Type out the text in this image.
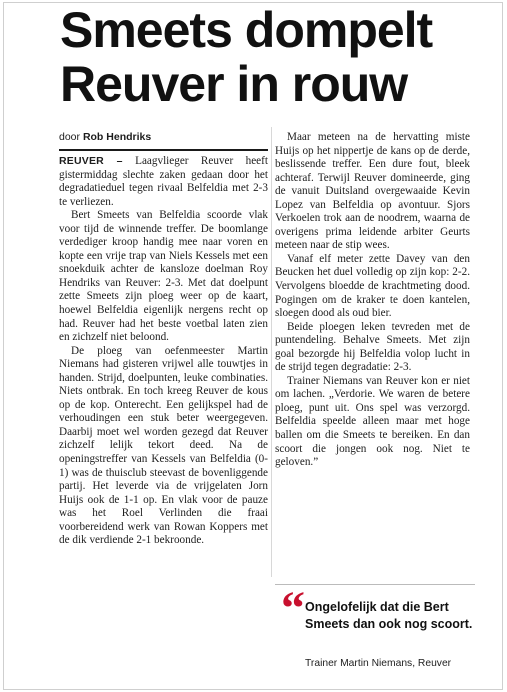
Smeets dompelt
Reuver in rouw
door Rob Hendriks

REUVER – Laagvlieger Reuver heeft gistermiddag slechte zaken gedaan door het degradatieduel tegen rivaal Belfeldia met 2-3 te verliezen.

Bert Smeets van Belfeldia scoorde vlak voor tijd de winnende treffer. De boomlange verdediger kroop handig mee naar voren en kopte een vrije trap van Niels Kessels met een snoekduik achter de kansloze doelman Roy Hendriks van Reuver: 2-3. Met dat doelpunt zette Smeets zijn ploeg weer op de kaart, hoewel Belfeldia eigenlijk nergens recht op had. Reuver had het beste voetbal laten zien en zichzelf niet beloond.

De ploeg van oefenmeester Martin Niemans had gisteren vrijwel alle touwtjes in handen. Strijd, doelpunten, leuke combinaties. Niets ontbrak. En toch kreeg Reuver de kous op de kop. Onterecht. Een gelijkspel had de verhoudingen een stuk beter weergegeven. Daarbij moet wel worden gezegd dat Reuver zichzelf lelijk tekort deed. Na de openingstreffer van Kessels van Belfeldia (0-1) was de thuisclub steevast de bovenliggende partij. Het leverde via de vrijgelaten Jorn Huijs ook de 1-1 op. En vlak voor de pauze was het Roel Verlinden die fraai voorbereidend werk van Rowan Koppers met de dik verdiende 2-1 bekroonde.

Maar meteen na de hervatting miste Huijs op het nippertje de kans op de derde, beslissende treffer. Een dure fout, bleek achteraf. Terwijl Reuver domineerde, ging de vanuit Duitsland overgewaaide Kevin Lopez van Belfeldia op avontuur. Sjors Verkoelen trok aan de noodrem, waarna de overigens prima leidende arbiter Geurts meteen naar de stip wees.

Vanaf elf meter zette Davey van den Beucken het duel volledig op zijn kop: 2-2. Vervolgens bloedde de krachtmeting dood. Pogingen om de kraker te doen kantelen, sloegen dood als oud bier.

Beide ploegen leken tevreden met de puntendeling. Behalve Smeets. Met zijn goal bezorgde hij Belfeldia volop lucht in de strijd tegen degradatie: 2-3.

Trainer Niemans van Reuver kon er niet om lachen. „Verdorie. We waren de betere ploeg, punt uit. Ons spel was verzorgd. Belfeldia speelde alleen maar met hoge ballen om die Smeets te bereiken. En dan scoort die jongen ook nog. Niet te geloven.”

“ Ongelofelijk dat die Bert Smeets dan ook nog scoort.
Trainer Martin Niemans, Reuver
